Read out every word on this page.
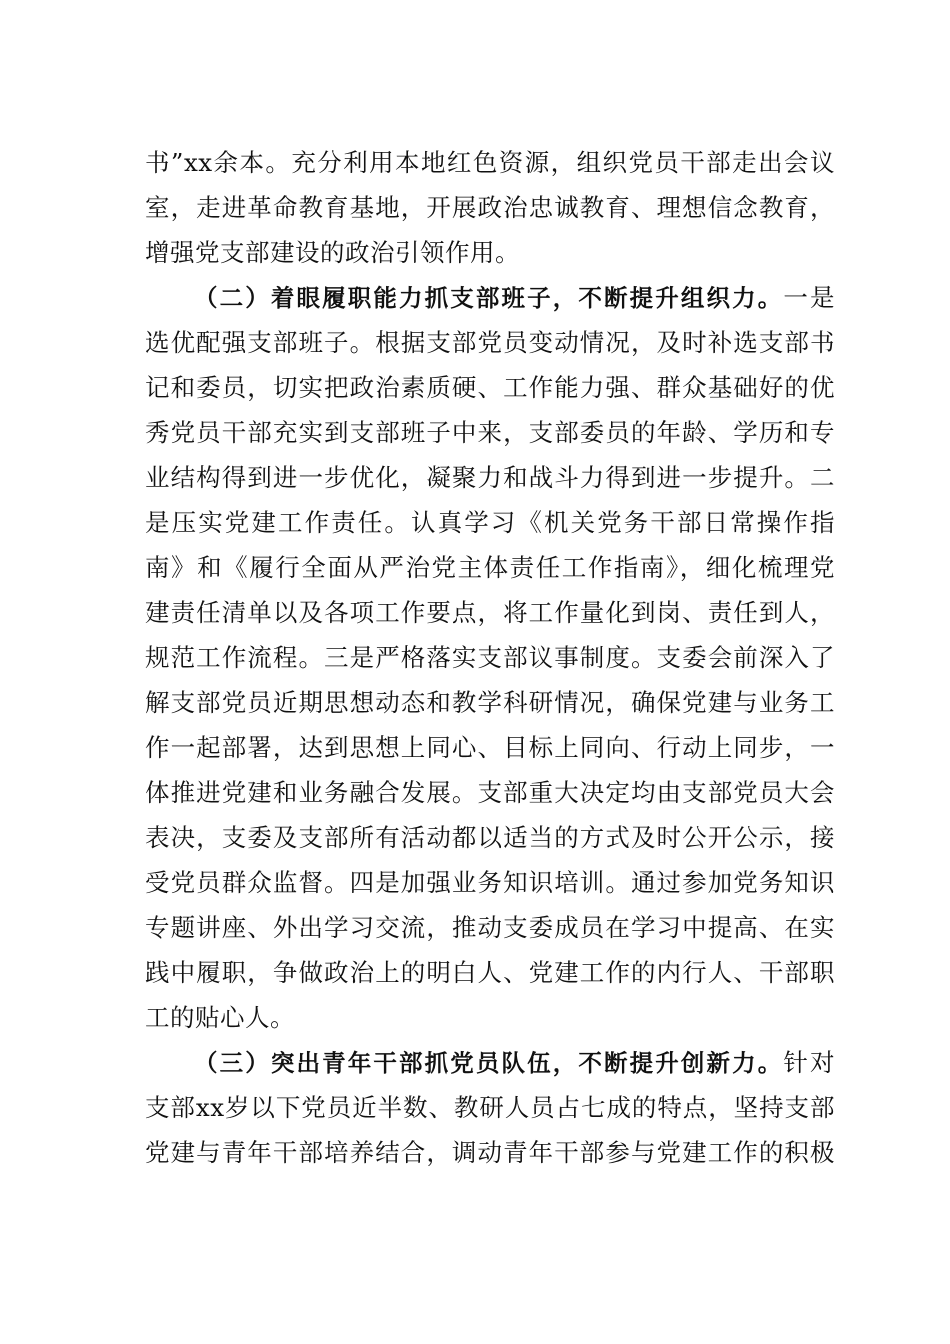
书”xx余本。充分利用本地红色资源，组织党员干部走出会议
室，走进革命教育基地，开展政治忠诚教育、理想信念教育，
增强党支部建设的政治引领作用。
（二）着眼履职能力抓支部班子，不断提升组织力。一是
选优配强支部班子。根据支部党员变动情况，及时补选支部书
记和委员，切实把政治素质硬、工作能力强、群众基础好的优
秀党员干部充实到支部班子中来，支部委员的年龄、学历和专
业结构得到进一步优化，凝聚力和战斗力得到进一步提升。二
是压实党建工作责任。认真学习《机关党务干部日常操作指
南》和《履行全面从严治党主体责任工作指南》，细化梳理党
建责任清单以及各项工作要点，将工作量化到岗、责任到人，
规范工作流程。三是严格落实支部议事制度。支委会前深入了
解支部党员近期思想动态和教学科研情况，确保党建与业务工
作一起部署，达到思想上同心、目标上同向、行动上同步，一
体推进党建和业务融合发展。支部重大决定均由支部党员大会
表决，支委及支部所有活动都以适当的方式及时公开公示，接
受党员群众监督。四是加强业务知识培训。通过参加党务知识
专题讲座、外出学习交流，推动支委成员在学习中提高、在实
践中履职，争做政治上的明白人、党建工作的内行人、干部职
工的贴心人。
（三）突出青年干部抓党员队伍，不断提升创新力。针对
支部xx岁以下党员近半数、教研人员占七成的特点，坚持支部
党建与青年干部培养结合，调动青年干部参与党建工作的积极
